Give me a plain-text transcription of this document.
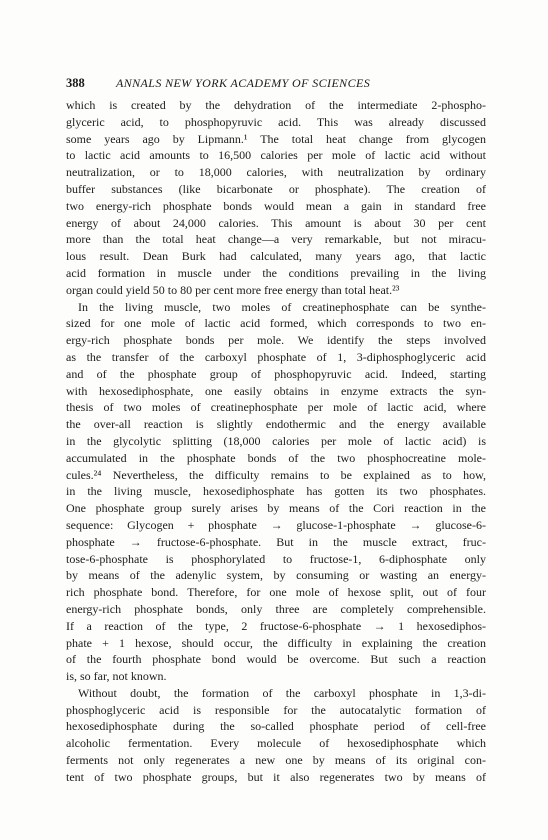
388	ANNALS NEW YORK ACADEMY OF SCIENCES
which is created by the dehydration of the intermediate 2-phospho-
glyceric acid, to phosphopyruvic acid. This was already discussed
some years ago by Lipmann.¹ The total heat change from glycogen
to lactic acid amounts to 16,500 calories per mole of lactic acid without
neutralization, or to 18,000 calories, with neutralization by ordinary
buffer substances (like bicarbonate or phosphate). The creation of
two energy-rich phosphate bonds would mean a gain in standard free
energy of about 24,000 calories. This amount is about 30 per cent
more than the total heat change—a very remarkable, but not miracu-
lous result. Dean Burk had calculated, many years ago, that lactic
acid formation in muscle under the conditions prevailing in the living
organ could yield 50 to 80 per cent more free energy than total heat.²³
In the living muscle, two moles of creatinephosphate can be synthe-
sized for one mole of lactic acid formed, which corresponds to two en-
ergy-rich phosphate bonds per mole. We identify the steps involved
as the transfer of the carboxyl phosphate of 1, 3-diphosphoglyceric acid
and of the phosphate group of phosphopyruvic acid. Indeed, starting
with hexosediphosphate, one easily obtains in enzyme extracts the syn-
thesis of two moles of creatinephosphate per mole of lactic acid, where
the over-all reaction is slightly endothermic and the energy available
in the glycolytic splitting (18,000 calories per mole of lactic acid) is
accumulated in the phosphate bonds of the two phosphocreatine mole-
cules.²⁴ Nevertheless, the difficulty remains to be explained as to how,
in the living muscle, hexosediphosphate has gotten its two phosphates.
One phosphate group surely arises by means of the Cori reaction in the
sequence: Glycogen + phosphate → glucose-1-phosphate → glucose-6-
phosphate → fructose-6-phosphate. But in the muscle extract, fruc-
tose-6-phosphate is phosphorylated to fructose-1, 6-diphosphate only
by means of the adenylic system, by consuming or wasting an energy-
rich phosphate bond. Therefore, for one mole of hexose split, out of four
energy-rich phosphate bonds, only three are completely comprehensible.
If a reaction of the type, 2 fructose-6-phosphate → 1 hexosediphos-
phate + 1 hexose, should occur, the difficulty in explaining the creation
of the fourth phosphate bond would be overcome. But such a reaction
is, so far, not known.
Without doubt, the formation of the carboxyl phosphate in 1,3-di-
phosphoglyceric acid is responsible for the autocatalytic formation of
hexosediphosphate during the so-called phosphate period of cell-free
alcoholic fermentation. Every molecule of hexosediphosphate which
ferments not only regenerates a new one by means of its original con-
tent of two phosphate groups, but it also regenerates two by means of
